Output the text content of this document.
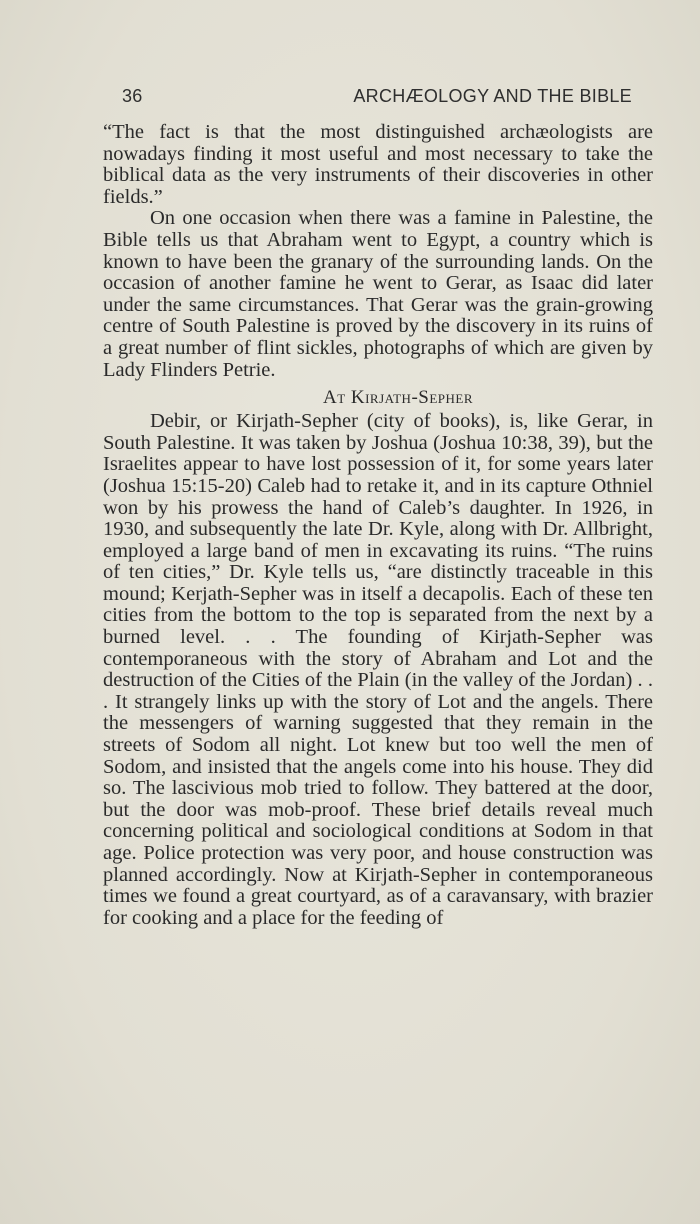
36	ARCHÆOLOGY AND THE BIBLE

“The fact is that the most distinguished archæologists are nowadays finding it most useful and most necessary to take the biblical data as the very instruments of their discoveries in other fields.”

On one occasion when there was a famine in Palestine, the Bible tells us that Abraham went to Egypt, a country which is known to have been the granary of the surrounding lands. On the occasion of another famine he went to Gerar, as Isaac did later under the same circumstances. That Gerar was the grain-growing centre of South Palestine is proved by the discovery in its ruins of a great number of flint sickles, photographs of which are given by Lady Flinders Petrie.

At Kirjath-Sepher

Debir, or Kirjath-Sepher (city of books), is, like Gerar, in South Palestine. It was taken by Joshua (Joshua 10:38, 39), but the Israelites appear to have lost possession of it, for some years later (Joshua 15:15-20) Caleb had to retake it, and in its capture Othniel won by his prowess the hand of Caleb’s daughter. In 1926, in 1930, and subsequently the late Dr. Kyle, along with Dr. Allbright, employed a large band of men in excavating its ruins. “The ruins of ten cities,” Dr. Kyle tells us, “are distinctly traceable in this mound; Kerjath-Sepher was in itself a decapolis. Each of these ten cities from the bottom to the top is separated from the next by a burned level. . . The founding of Kirjath-Sepher was contemporaneous with the story of Abraham and Lot and the destruction of the Cities of the Plain (in the valley of the Jordan) . . . It strangely links up with the story of Lot and the angels. There the messengers of warning suggested that they remain in the streets of Sodom all night. Lot knew but too well the men of Sodom, and insisted that the angels come into his house. They did so. The lascivious mob tried to follow. They battered at the door, but the door was mob-proof. These brief details reveal much concerning political and sociological conditions at Sodom in that age. Police protection was very poor, and house construction was planned accordingly. Now at Kirjath-Sepher in contemporaneous times we found a great courtyard, as of a caravansary, with brazier for cooking and a place for the feeding of
